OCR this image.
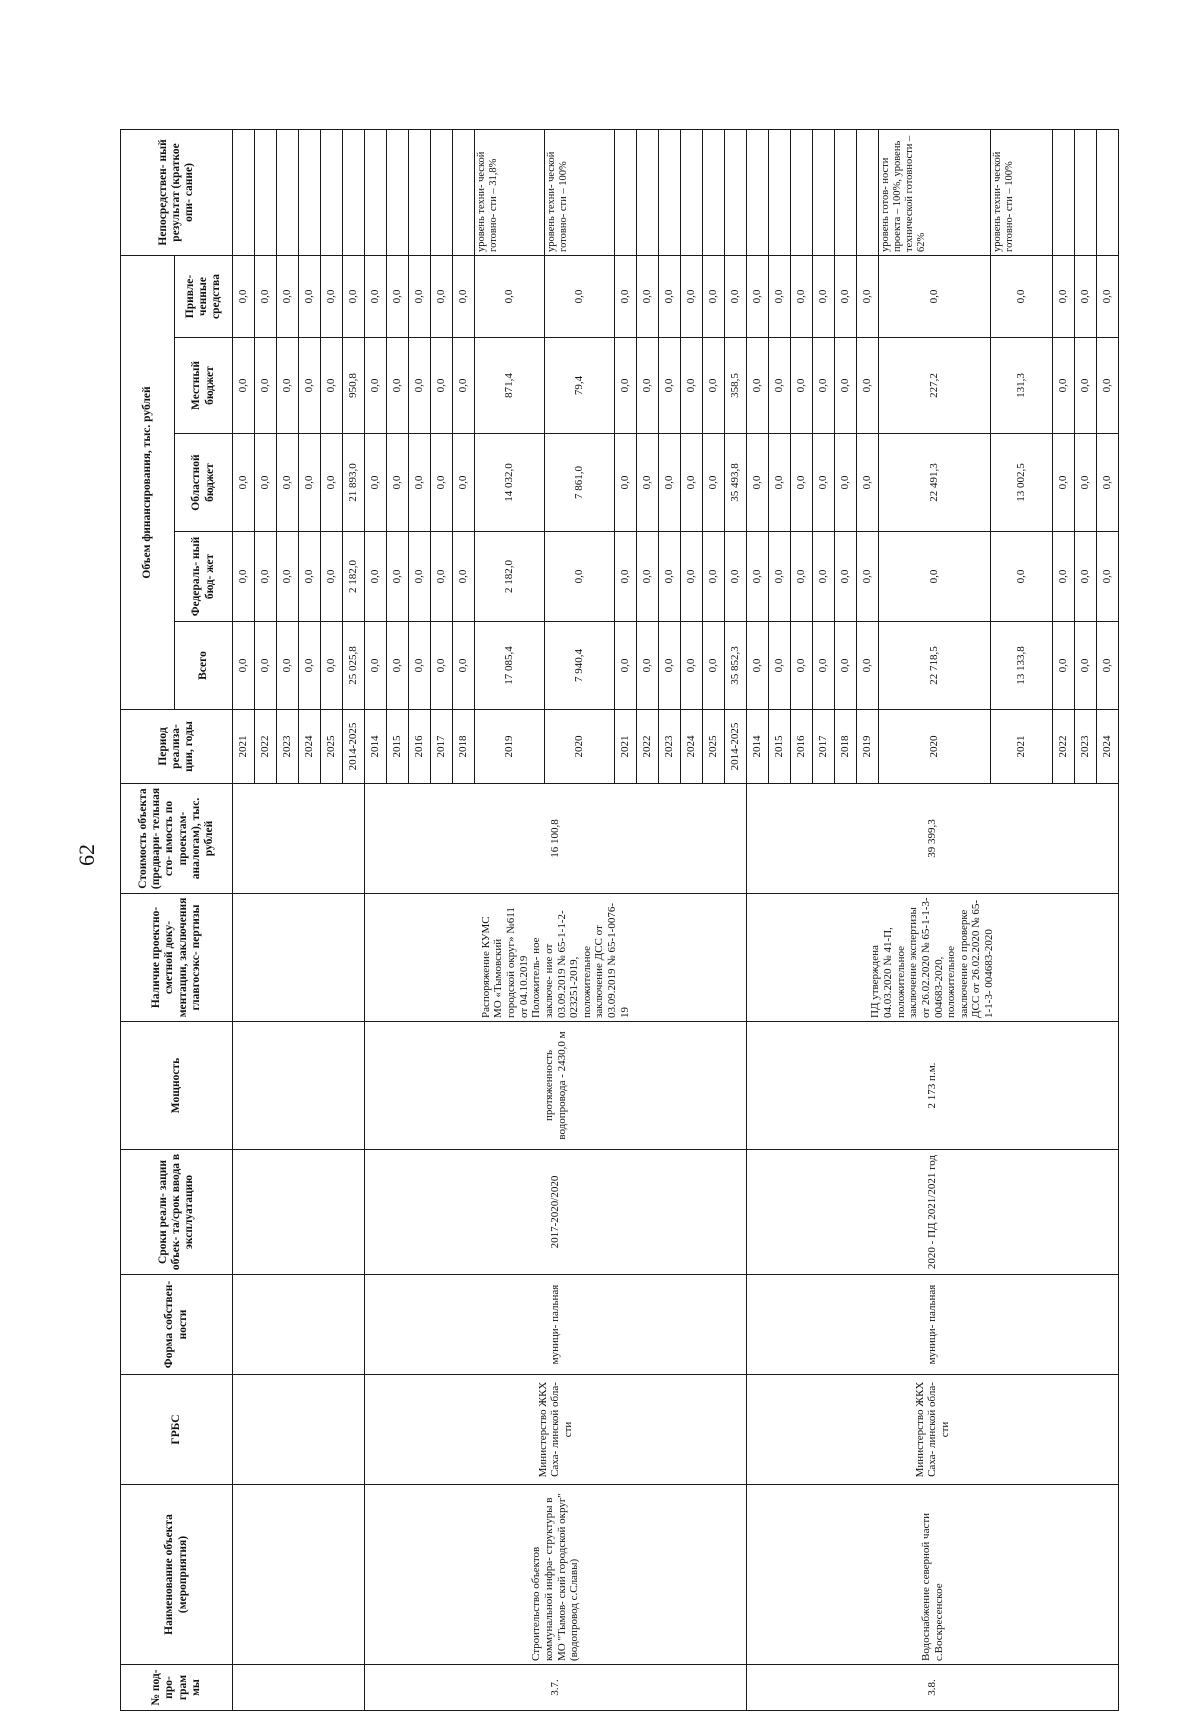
62
№ под- про- грам мы	Наименование объекта (мероприятия)	ГРБС	Форма собствен- ности	Сроки реали- зации объек- та/срок ввода в эксплуатацию	Мощность	Наличие проектно- сметной доку- ментации, заключения главгосэкс- пертизы	Стоимость объекта (предвари- тельная сто- имость по проектам- аналогам), тыс. рублей	Период реализа- ции, годы	Объем финансирования, тыс. рублей					Непосредствен- ный результат (краткое опи- сание)
									Всего	Федераль- ный бюд- жет	Областной бюджет	Местный бюджет	Привле- ченные средства	
								2021	0,0	0,0	0,0	0,0	0,0	
								2022	0,0	0,0	0,0	0,0	0,0	
								2023	0,0	0,0	0,0	0,0	0,0	
								2024	0,0	0,0	0,0	0,0	0,0	
								2025	0,0	0,0	0,0	0,0	0,0	
								2014-2025	25 025,8	2 182,0	21 893,0	950,8	0,0	
3.7.	Строительство объектов коммунальной инфра- структуры в МО "Тымов- ский городской округ" (водопровод с.Славы)	Министерство ЖКХ Саха- линской обла- сти	муници- пальная	2017-2020/2020	протяженность водопровода - 2430,0 м	Распоряжение КУМС МО «Тымовский городской округ» №611 от 04.10.2019 Положитель- ное заключе- ние от 03.09.2019 № 65-1-1-2- 023251-2019, положительное заключение ДСС от 03.09.2019 № 65-1-0076-19	16 100,8	2014	0,0	0,0	0,0	0,0	0,0	
								2015	0,0	0,0	0,0	0,0	0,0	
								2016	0,0	0,0	0,0	0,0	0,0	
								2017	0,0	0,0	0,0	0,0	0,0	
								2018	0,0	0,0	0,0	0,0	0,0	
								2019	17 085,4	2 182,0	14 032,0	871,4	0,0	уровень техни- ческой готовно- сти – 31,8%
								2020	7 940,4	0,0	7 861,0	79,4	0,0	уровень техни- ческой готовно- сти – 100%
								2021	0,0	0,0	0,0	0,0	0,0	
								2022	0,0	0,0	0,0	0,0	0,0	
								2023	0,0	0,0	0,0	0,0	0,0	
								2024	0,0	0,0	0,0	0,0	0,0	
								2025	0,0	0,0	0,0	0,0	0,0	
								2014-2025	35 852,3	0,0	35 493,8	358,5	0,0	
3.8.	Водоснабжение северной части с.Воскресенское	Министерство ЖКХ Саха- линской обла- сти	муници- пальная	2020 - ПД 2021/2021 год	2 173 п.м.	ПД утверждена 04.03.2020 № 41-П, положительное заключение экспертизы от 26.02.2020 № 65-1-1-3- 004683-2020, положительное заключение о проверке ДСС от 26.02.2020 № 65-1-1-3- 004683-2020	39 399,3	2014	0,0	0,0	0,0	0,0	0,0	
								2015	0,0	0,0	0,0	0,0	0,0	
								2016	0,0	0,0	0,0	0,0	0,0	
								2017	0,0	0,0	0,0	0,0	0,0	
								2018	0,0	0,0	0,0	0,0	0,0	
								2019	0,0	0,0	0,0	0,0	0,0	
								2020	22 718,5	0,0	22 491,3	227,2	0,0	уровень готов- ности проекта – 100%, уровень технической готовности – 62%
								2021	13 133,8	0,0	13 002,5	131,3	0,0	уровень техни- ческой готовно- сти – 100%
								2022	0,0	0,0	0,0	0,0	0,0	
								2023	0,0	0,0	0,0	0,0	0,0	
								2024	0,0	0,0	0,0	0,0	0,0	
